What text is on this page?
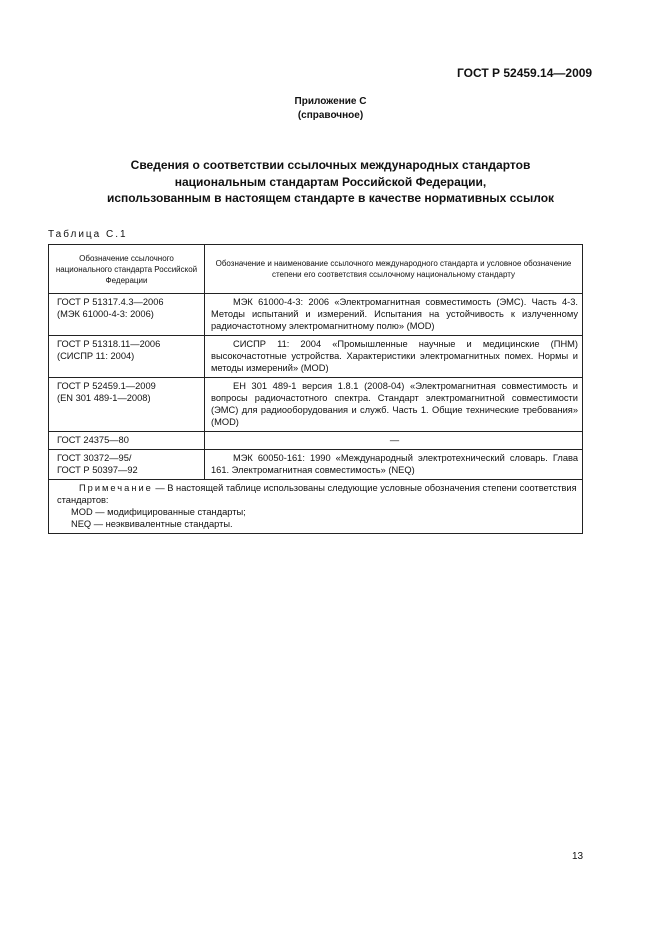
ГОСТ Р 52459.14—2009
Приложение С
(справочное)
Сведения о соответствии ссылочных международных стандартов
национальным стандартам Российской Федерации,
использованным в настоящем стандарте в качестве нормативных ссылок
Таблица С.1
Обозначение ссылочного национального стандарта Российской Федерации	Обозначение и наименование ссылочного международного стандарта и условное обозначение степени его соответствия ссылочному национальному стандарту

ГОСТ Р 51317.4.3—2006

(МЭК 61000-4-3: 2006)	МЭК 61000-4-3: 2006 «Электромагнитная совместимость (ЭМС). Часть 4-3. Методы испытаний и измерений. Испытания на устойчивость к излученному радиочастотному электромагнитному полю» (MOD)

ГОСТ Р 51318.11—2006

(СИСПР 11: 2004)	СИСПР 11: 2004 «Промышленные научные и медицинские (ПНМ) высокочастотные устройства. Характеристики электромагнитных помех. Нормы и методы измерений» (MOD)

ГОСТ Р 52459.1—2009

(EN 301 489-1—2008)	ЕН 301 489-1 версия 1.8.1 (2008-04) «Электромагнитная совместимость и вопросы радиочастотного спектра. Стандарт электромагнитной совместимости (ЭМС) для радиооборудования и служб. Часть 1. Общие технические требования» (MOD)

ГОСТ 24375—80	—

ГОСТ 30372—95/

ГОСТ Р 50397—92	МЭК 60050-161: 1990 «Международный электротехнический словарь. Глава 161. Электромагнитная совместимость» (NEQ)

Примечание — В настоящей таблице использованы следующие условные обозначения степени соответствия стандартов:

MOD — модифицированные стандарты;

NEQ — неэквивалентные стандарты.	

13
